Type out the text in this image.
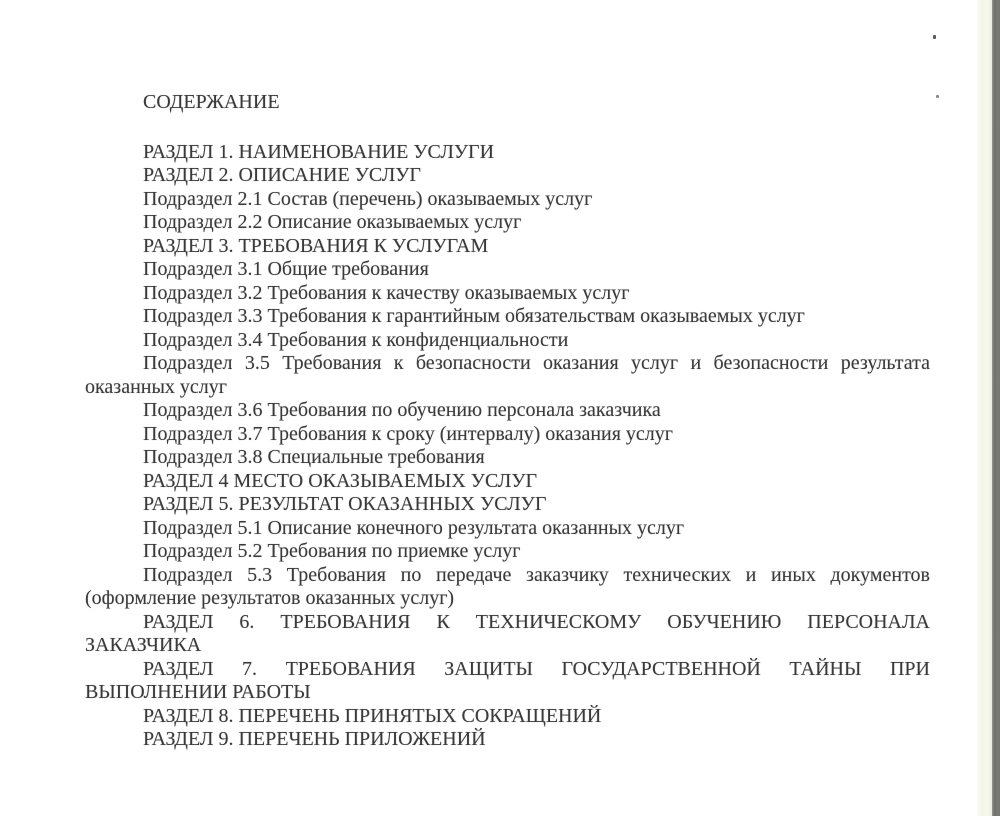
СОДЕРЖАНИЕ

РАЗДЕЛ 1. НАИМЕНОВАНИЕ УСЛУГИ

РАЗДЕЛ 2. ОПИСАНИЕ УСЛУГ

Подраздел 2.1 Состав (перечень) оказываемых услуг

Подраздел 2.2 Описание оказываемых услуг

РАЗДЕЛ 3. ТРЕБОВАНИЯ К УСЛУГАМ

Подраздел 3.1 Общие требования

Подраздел 3.2 Требования к качеству оказываемых услуг

Подраздел 3.3 Требования к гарантийным обязательствам оказываемых услуг

Подраздел 3.4 Требования к конфиденциальности

Подраздел 3.5 Требования к безопасности оказания услуг и безопасности результата
оказанных услуг

Подраздел 3.6 Требования по обучению персонала заказчика

Подраздел 3.7 Требования к сроку (интервалу) оказания услуг

Подраздел 3.8 Специальные требования

РАЗДЕЛ 4 МЕСТО ОКАЗЫВАЕМЫХ УСЛУГ

РАЗДЕЛ 5. РЕЗУЛЬТАТ ОКАЗАННЫХ УСЛУГ

Подраздел 5.1 Описание конечного результата оказанных услуг

Подраздел 5.2 Требования по приемке услуг

Подраздел 5.3 Требования по передаче заказчику технических и иных документов
(оформление результатов оказанных услуг)

РАЗДЕЛ 6. ТРЕБОВАНИЯ К ТЕХНИЧЕСКОМУ ОБУЧЕНИЮ ПЕРСОНАЛА
ЗАКАЗЧИКА

РАЗДЕЛ 7. ТРЕБОВАНИЯ ЗАЩИТЫ ГОСУДАРСТВЕННОЙ ТАЙНЫ ПРИ
ВЫПОЛНЕНИИ РАБОТЫ

РАЗДЕЛ 8. ПЕРЕЧЕНЬ ПРИНЯТЫХ СОКРАЩЕНИЙ

РАЗДЕЛ 9. ПЕРЕЧЕНЬ ПРИЛОЖЕНИЙ
